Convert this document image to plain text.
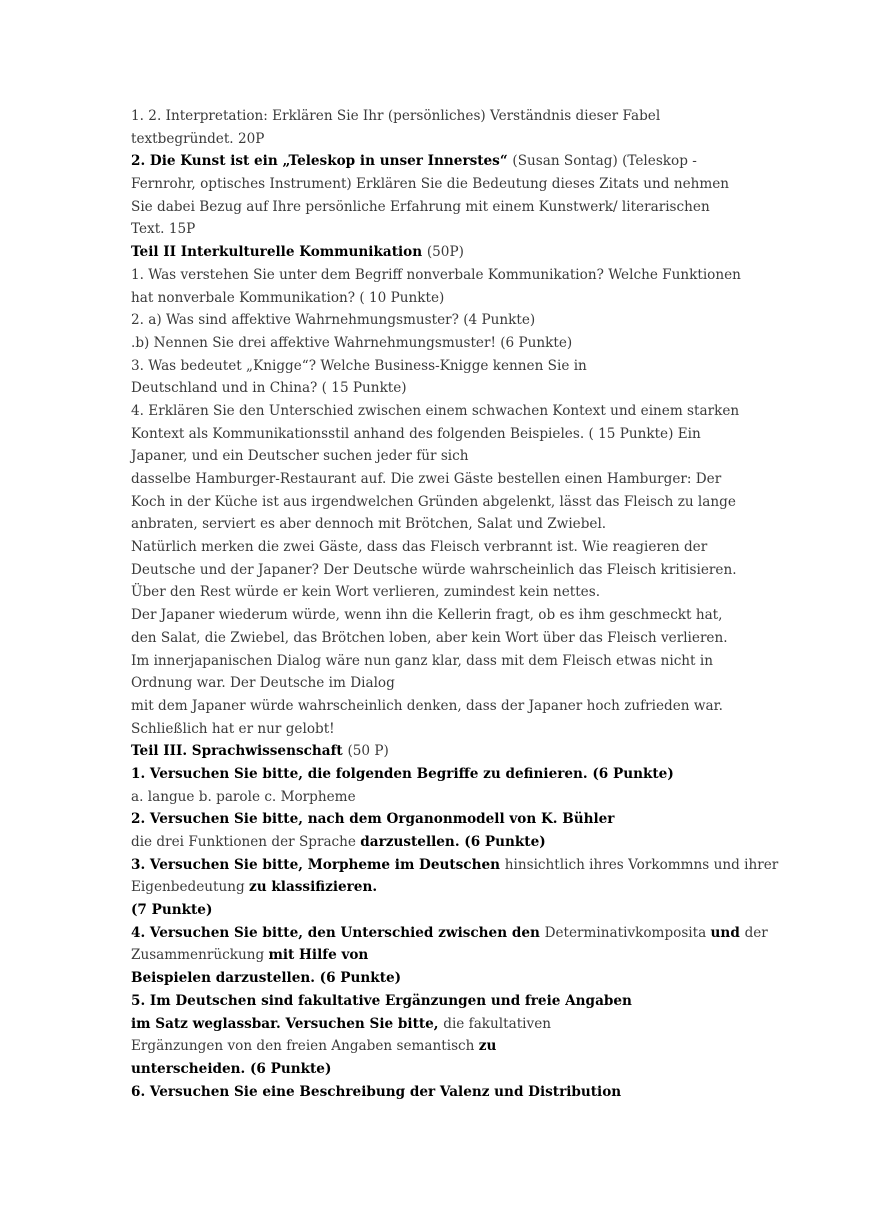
1. 2. Interpretation: Erklären Sie Ihr (persönliches) Verständnis dieser Fabel
textbegründet. 20P
2. Die Kunst ist ein „Teleskop in unser Innerstes“ (Susan Sontag) (Teleskop -
Fernrohr, optisches Instrument) Erklären Sie die Bedeutung dieses Zitats und nehmen
Sie dabei Bezug auf Ihre persönliche Erfahrung mit einem Kunstwerk/ literarischen
Text. 15P
Teil II Interkulturelle Kommunikation (50P)
1. Was verstehen Sie unter dem Begriff nonverbale Kommunikation? Welche Funktionen
hat nonverbale Kommunikation? ( 10 Punkte)
2. a) Was sind affektive Wahrnehmungsmuster? (4 Punkte)
.b) Nennen Sie drei affektive Wahrnehmungsmuster! (6 Punkte)
3. Was bedeutet „Knigge“? Welche Business-Knigge kennen Sie in
Deutschland und in China? ( 15 Punkte)
4. Erklären Sie den Unterschied zwischen einem schwachen Kontext und einem starken
Kontext als Kommunikationsstil anhand des folgenden Beispieles. ( 15 Punkte) Ein
Japaner, und ein Deutscher suchen jeder für sich
dasselbe Hamburger-Restaurant auf. Die zwei Gäste bestellen einen Hamburger: Der
Koch in der Küche ist aus irgendwelchen Gründen abgelenkt, lässt das Fleisch zu lange
anbraten, serviert es aber dennoch mit Brötchen, Salat und Zwiebel.
Natürlich merken die zwei Gäste, dass das Fleisch verbrannt ist. Wie reagieren der
Deutsche und der Japaner? Der Deutsche würde wahrscheinlich das Fleisch kritisieren.
Über den Rest würde er kein Wort verlieren, zumindest kein nettes.
Der Japaner wiederum würde, wenn ihn die Kellerin fragt, ob es ihm geschmeckt hat,
den Salat, die Zwiebel, das Brötchen loben, aber kein Wort über das Fleisch verlieren.
Im innerjapanischen Dialog wäre nun ganz klar, dass mit dem Fleisch etwas nicht in
Ordnung war. Der Deutsche im Dialog
mit dem Japaner würde wahrscheinlich denken, dass der Japaner hoch zufrieden war.
Schließlich hat er nur gelobt!
Teil III. Sprachwissenschaft (50 P)
1. Versuchen Sie bitte, die folgenden Begriffe zu definieren. (6 Punkte)
a. langue b. parole c. Morpheme
2. Versuchen Sie bitte, nach dem Organonmodell von K. Bühler
die drei Funktionen der Sprache darzustellen. (6 Punkte)
3. Versuchen Sie bitte, Morpheme im Deutschen hinsichtlich ihres Vorkommns und ihrer
Eigenbedeutung zu klassifizieren.
(7 Punkte)
4. Versuchen Sie bitte, den Unterschied zwischen den Determinativkomposita und der
Zusammenrückung mit Hilfe von
Beispielen darzustellen. (6 Punkte)
5. Im Deutschen sind fakultative Ergänzungen und freie Angaben
im Satz weglassbar. Versuchen Sie bitte, die fakultativen
Ergänzungen von den freien Angaben semantisch zu
unterscheiden. (6 Punkte)
6. Versuchen Sie eine Beschreibung der Valenz und Distribution
